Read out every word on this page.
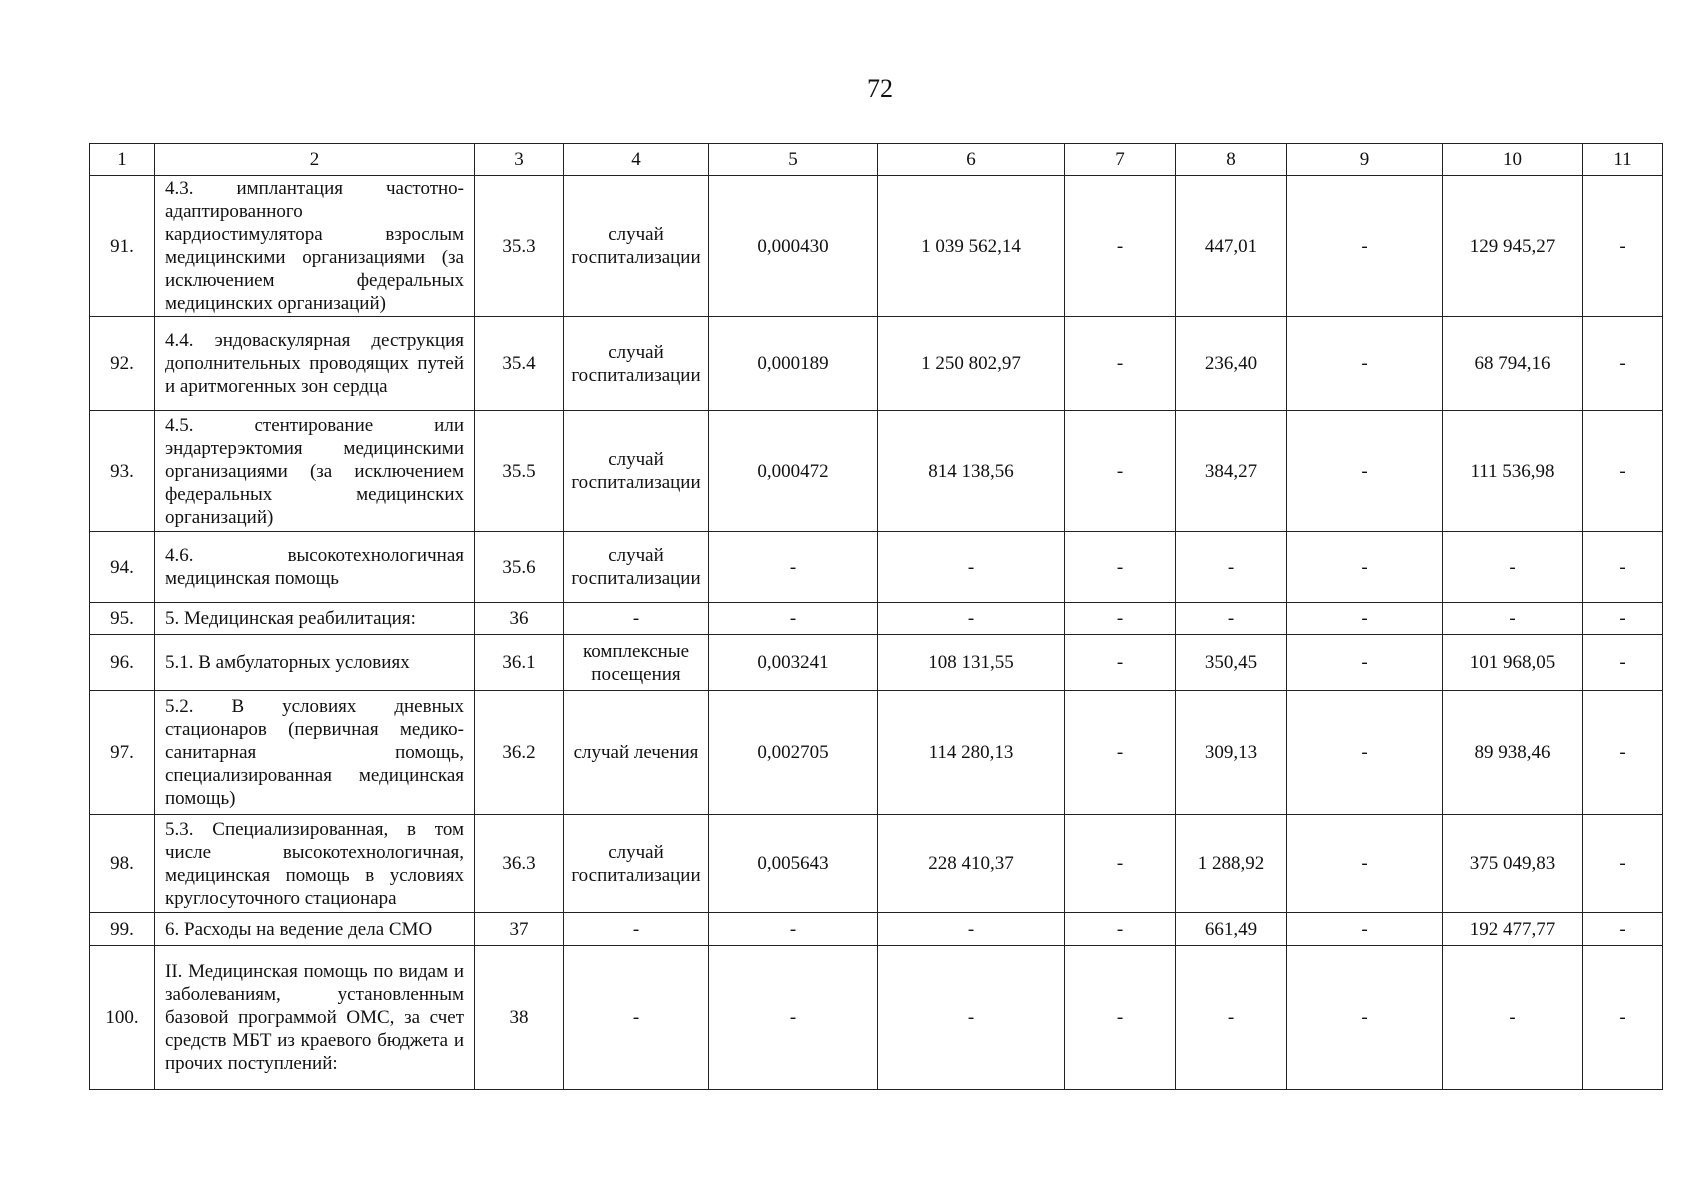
72
1	2	3	4	5	6	7	8	9	10	11
91.	4.3. имплантация частотно-адаптированного кардиостимулятора взрослым медицинскими организациями (за исключением федеральных медицинских организаций)	35.3	случай госпитализации	0,000430	1 039 562,14	-	447,01	-	129 945,27	-
92.	4.4. эндоваскулярная деструкция дополнительных проводящих путей и аритмогенных зон сердца	35.4	случай госпитализации	0,000189	1 250 802,97	-	236,40	-	68 794,16	-
93.	4.5. стентирование или эндартерэктомия медицинскими организациями (за исключением федеральных медицинских организаций)	35.5	случай госпитализации	0,000472	814 138,56	-	384,27	-	111 536,98	-
94.	4.6. высокотехнологичная медицинская помощь	35.6	случай госпитализации	-	-	-	-	-	-	-
95.	5. Медицинская реабилитация:	36	-	-	-	-	-	-	-	-
96.	5.1. В амбулаторных условиях	36.1	комплексные посещения	0,003241	108 131,55	-	350,45	-	101 968,05	-
97.	5.2. В условиях дневных стационаров (первичная медико-санитарная помощь, специализированная медицинская помощь)	36.2	случай лечения	0,002705	114 280,13	-	309,13	-	89 938,46	-
98.	5.3. Специализированная, в том числе высокотехнологичная, медицинская помощь в условиях круглосуточного стационара	36.3	случай госпитализации	0,005643	228 410,37	-	1 288,92	-	375 049,83	-
99.	6. Расходы на ведение дела СМО	37	-	-	-	-	661,49	-	192 477,77	-
100.	II. Медицинская помощь по видам и заболеваниям, установленным базовой программой ОМС, за счет средств МБТ из краевого бюджета и прочих поступлений:	38	-	-	-	-	-	-	-	-
